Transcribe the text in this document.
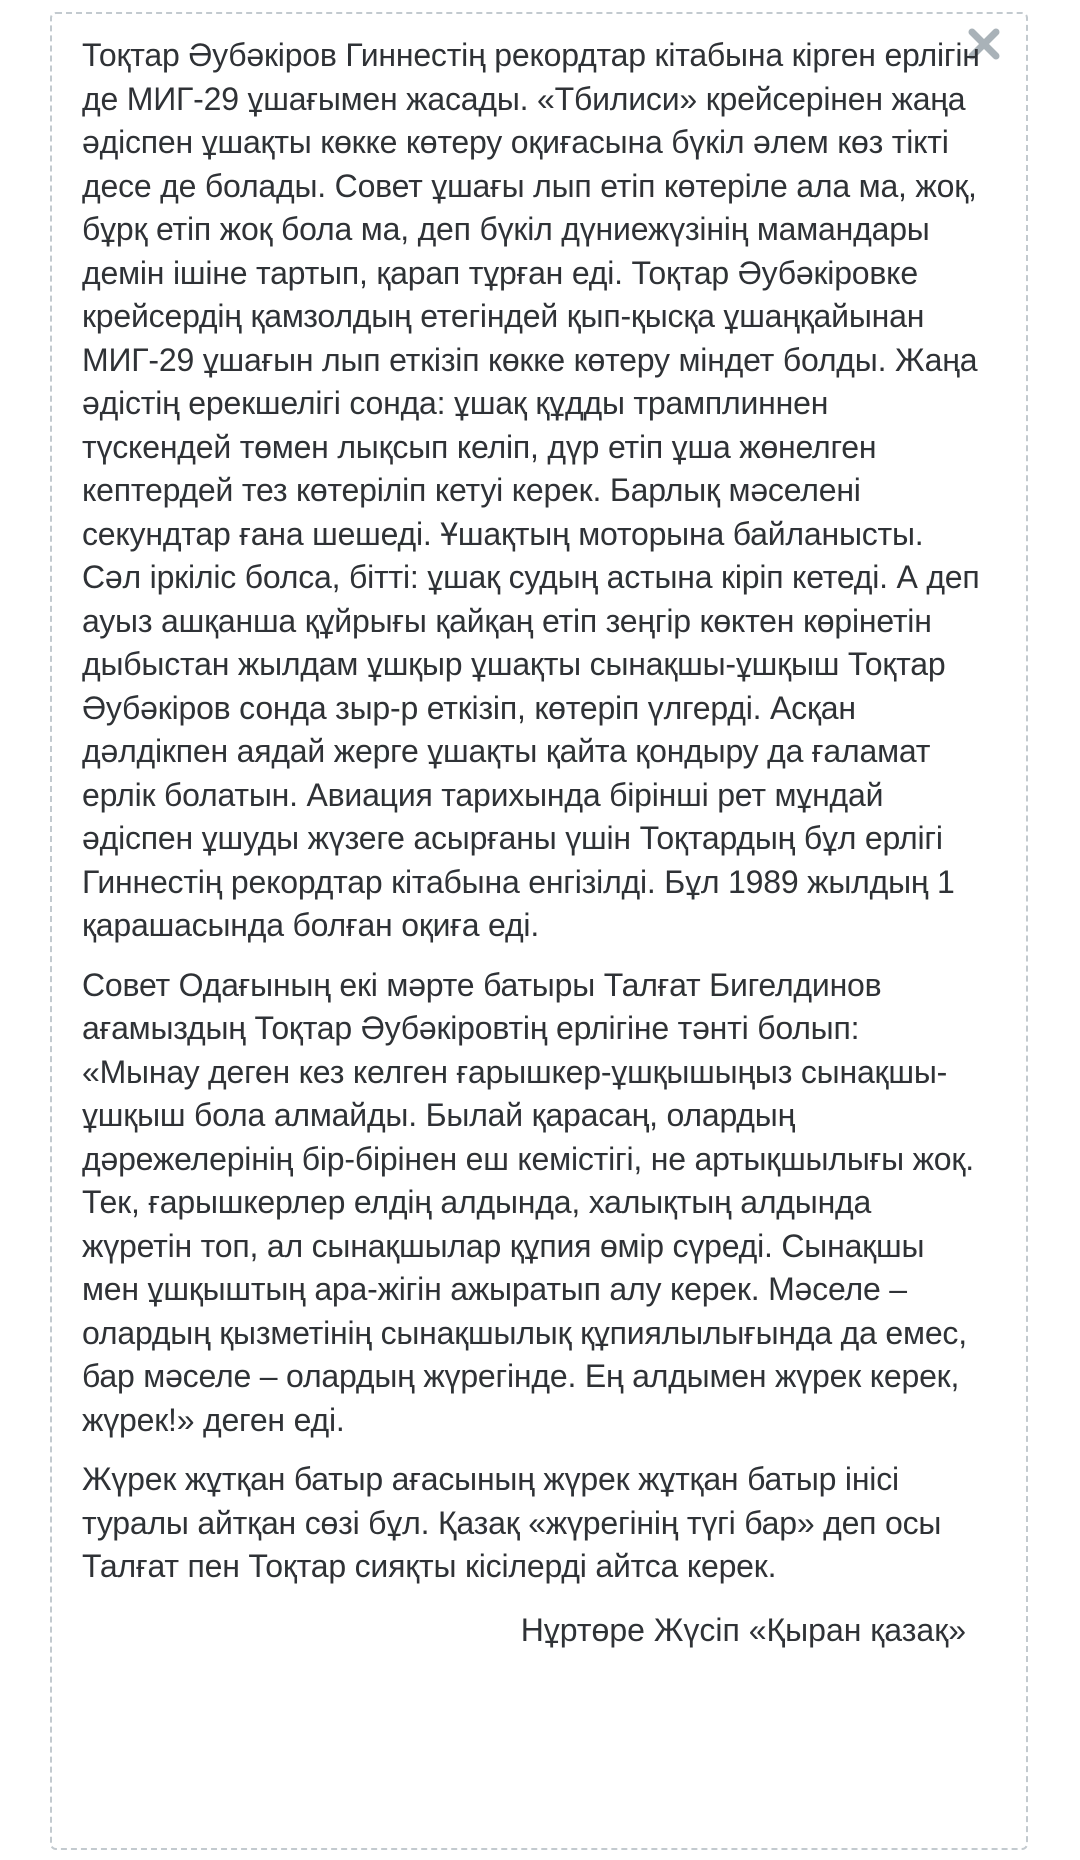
Тоқтар Әубәкіров Гиннестің рекордтар кітабына кірген ерлігін де МИГ-29 ұшағымен жасады. «Тбилиси» крейсерінен жаңа әдіспен ұшақты көкке көтеру оқиғасына бүкіл әлем көз тікті десе де болады. Совет ұшағы лып етіп көтеріле ала ма, жоқ, бұрқ етіп жоқ бола ма, деп бүкіл дүниежүзінің мамандары демін ішіне тартып, қарап тұрған еді. Тоқтар Әубәкіровке крейсердің қамзолдың етегіндей қып-қысқа ұшаңқайынан МИГ-29 ұшағын лып еткізіп көкке көтеру міндет болды. Жаңа әдістің ерекшелігі сонда: ұшақ құдды трамплиннен түскендей төмен лықсып келіп, дүр етіп ұша жөнелген кептердей тез көтеріліп кетуі керек. Барлық мәселені секундтар ғана шешеді. Ұшақтың моторына байланысты. Сәл іркіліс болса, бітті: ұшақ судың астына кіріп кетеді. А деп ауыз ашқанша құйрығы қайқаң етіп зеңгір көктен көрінетін дыбыстан жылдам ұшқыр ұшақты сынақшы-ұшқыш Тоқтар Әубәкіров сонда зыр-р еткізіп, көтеріп үлгерді. Асқан дәлдікпен аядай жерге ұшақты қайта қондыру да ғаламат ерлік болатын. Авиация тарихында бірінші рет мұндай әдіспен ұшуды жүзеге асырғаны үшін Тоқтардың бұл ерлігі Гиннестің рекордтар кітабына енгізілді. Бұл 1989 жылдың 1 қарашасында болған оқиға еді.

Совет Одағының екі мәрте батыры Талғат Бигелдинов ағамыздың Тоқтар Әубәкіровтің ерлігіне тәнті болып: «Мынау деген кез келген ғарышкер-ұшқышыңыз сынақшы-ұшқыш бола алмайды. Былай қарасаң, олардың дәрежелерінің бір-бірінен еш кемістігі, не артықшылығы жоқ. Тек, ғарышкерлер елдің алдында, халықтың алдында жүретін топ, ал сынақшылар құпия өмір сүреді. Сынақшы мен ұшқыштың ара-жігін ажыратып алу керек. Мәселе – олардың қызметінің сынақшылық құпиялылығында да емес, бар мәселе – олардың жүрегінде. Ең алдымен жүрек керек, жүрек!» деген еді.

Жүрек жұтқан батыр ағасының жүрек жұтқан батыр інісі туралы айтқан сөзі бұл. Қазақ «жүрегінің түгі бар» деп осы Талғат пен Тоқтар сияқты кісілерді айтса керек.

Нұртөре Жүсіп «Қыран қазақ»
